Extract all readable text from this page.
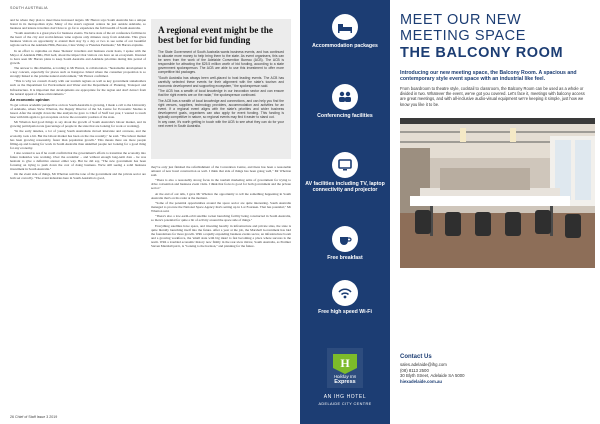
SOUTH AUSTRALIA

and be where they plan to meet these increased targets. Mr Harrex says South Australia has a unique brand in its metropolitan style. Many of the state's regional centres lie just outside Adelaide, so business and leisure travellers don't have to go far to experience the full breadth of South Australia.

"South Australia is a great place for business events. We have state of the art conference facilities in the heart of the city and world-famous wine regions only minutes away from Adelaide. This gives business visitors an opportunity to extend their stay by a day or two to see some of our beautiful regions such as the Adelaide Hills, Barossa, Clare Valley or Fleurieu Peninsula," Mr Harrex explains.

In an effort to capitalise on these 'bleisure' travellers and business event hosts, I spoke with the Mayor of Adelaide Hills, Phil Gell, about the impact that visitors can have on an ecosystem. Invested to have seen Mr Harrex plans to keep South Australia and Adelaide priorities during this period of growth.

The answer to this dilemma, according to Mr Harrex, is collaboration. "Sustainable development is a key concern, especially for places such as Kangaroo Island where the consumer proposition is so strongly linked to the pristine natural environment," Mr Harrex confirmed.

"This is why we consult closely with our tourism regions as well as key government stakeholders such as the Department for Environment and Water and the Department of Planning, Transport and Infrastructure. It is important that developments are appropriate for the region and don't detract from the natural appeal of these environments."

An economic opinion

To get a more academic perspective on how South Australia is growing, I made a call to the University of Adelaide, where Steve Whetton, the Deputy Director of the SA Centre for Economic Studies is based. After the straight down the line analysis he gave to Chief of Staff last year, I wanted to touch base with him again to get an update on how the economic position of the state.

Mr Whetton had good things to say about the growth of South Australia's labour market, and its growing participation rate (percentage of people in the state that are looking for work or working).

"In the early nineties, a lot of young South Australians moved interstate and overseas, and the economy took a hit. But the labour market has been on the rise recently," he said. "The labour market has been growing reasonably, faster than population growth." This means there are more people filling-up and looking for work in South Australia than unskilled people not looking for a good thing for any economy.

I also wanted to see if he could confirm that the government's efforts to transition the economy into future industries was working. Over the academic – and without enough long-term data – he was hesitant to give a definitive answer either way. But he did say, "The new government has been focusing on trying to push down the cost of doing business. We're still seeing a solid business investment in South Australia."

On the event side of things, Mr Whetton said the tone of the government and the private sector are both set correctly. "The event industries here in South Australia is good,

A regional event might be the best bet for bid funding

The State Government of South Australia wants business events, and has continued to allocate more money to help bring them to the state. As event organisers, this can be seen from the work of the Adelaide Convention Bureau (ACB). The ACB is responsible for attracting the $25.5 million worth of bid funding, according to a state government spokesperson. The ACB are able to use this investment to offer more competitive bid packages.

"South Australia has always been well-placed to host leading events. The ACB has carefully selected these events for their alignment with the state's tourism and economic development and supporting ecosystem," the spokesperson said.

"The ACB has a wealth of local knowledge in our innovation sector and can ensure that the right events are on the radar," the spokesperson continued.

The ACB has a wealth of local knowledge and connections, and can help you find the right venues, suppliers, technology providers, accommodation and activities for an event. If a regional event aligns with the state's priorities and wider business development goals, organisers can also apply for event funding. This funding is typically competitive in nature, so regional events may find it easier to stand out.

In any case, it's worth getting in touch with the ACB to see what they can do for your next event in South Australia.

they've only just finished the refurbishment of the Convention Centre, and there has been a reasonable amount of new hotel construction as well. I think that side of things has been going well," Mr Whetton said.

"There is also a reasonably strong focus in the tourism marketing arms of government for trying to drive convention and business event visits. I think that focus is good for both government and the private sector."

At the end of our talk, I gave Mr Whetton the opportunity to tell me something happening in South Australia that's on his radar at the moment.

"Some of the potential opportunities around the space sector are quite interesting. South Australia managed to procure the National Space Agency that's setting up in Lot Fourteen. That has potential," Mr Whetton said.

"There's also a low-earth-orbit satellite rocket launching facility being constructed in South Australia, so there's potential for quite a bit of activity around the space side of things."

Everything satellites have space, and investing heavily in infrastructure and private sites, the state is quite literally launching itself into the future. After a year at the job, the Marshall Government has laid the foundations for more growth. With a rapidly expanding business events sector, an infrastructure boom and a growing workforce, the 'small state with big ideas' is fast becoming a place where success is the norm. With a troubled economic history now firmly in the rear-view mirror, South Australia, as Premier Steven Marshall put it, is "looking to the horizon," and planning for the future.

26 Chief of Staff Issue 3 2019
Accommodation packages
Conferencing facilities
AV facilities including TV, laptop connectivity and projector
Free breakfast
Free high speed Wi-Fi
H
Holiday Inn
Express
AN IHG HOTEL
ADELAIDE CITY CENTRE
MEET OUR NEW
MEETING SPACE
THE BALCONY ROOM
Introducing our new meeting space, the Balcony Room. A spacious and contemporary style event space with an industrial like feel.
From boardroom to theatre style, cocktail to classroom, the Balcony Room can be used as a whole or divided in two. Whatever the event, we've got you covered. Let's face it, meetings with balcony access are great meetings, and with all-inclusive audio-visual equipment we're keeping it simple, just how we know you like it to be.
Contact Us
sales.adelaide@ihg.com
(08) 8113 2500
30 Blyth Street, Adelaide SA 5000
hiexadelaide.com.au
